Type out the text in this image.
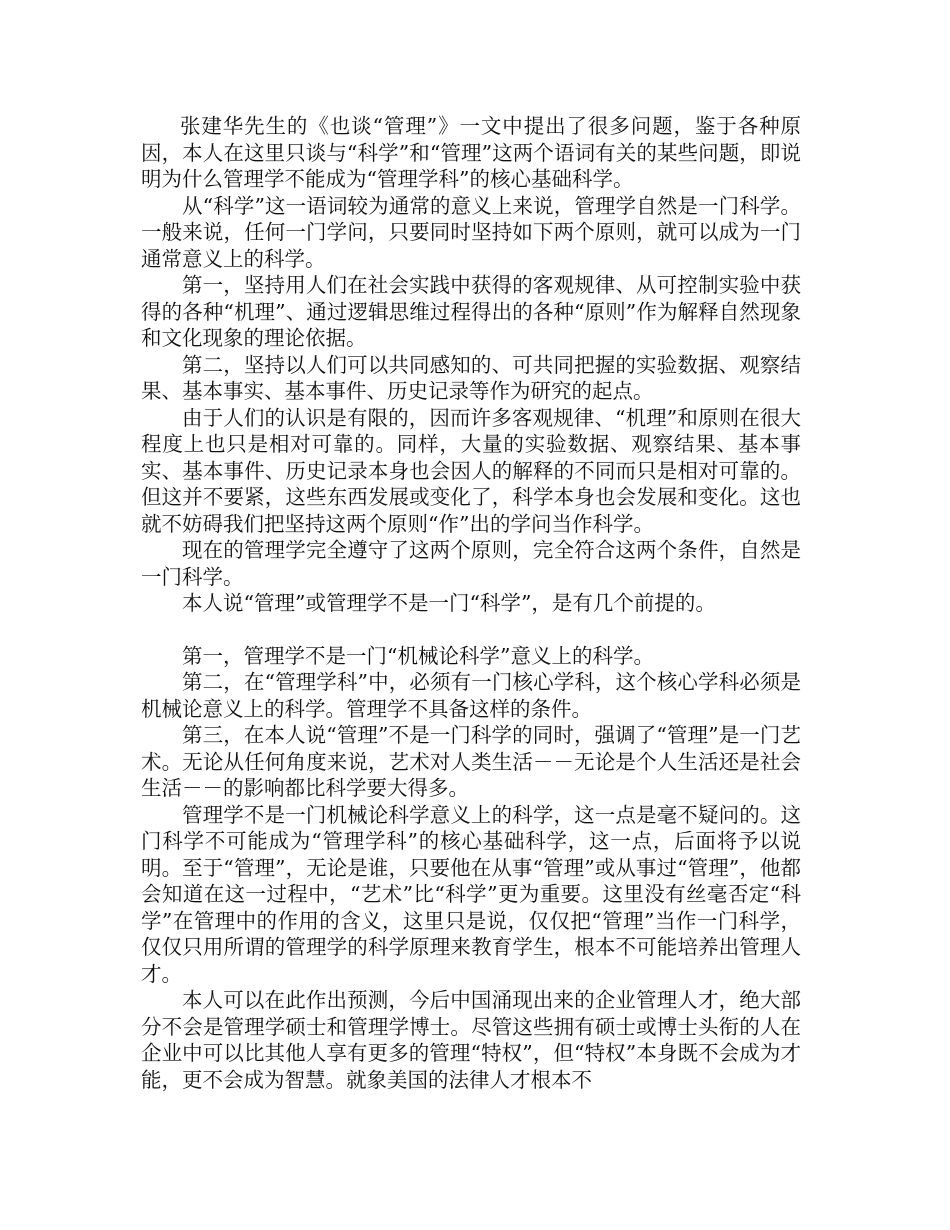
张建华先生的《也谈“管理”》一文中提出了很多问题，鉴于各种原因，本人在这里只谈与“科学”和“管理”这两个语词有关的某些问题，即说明为什么管理学不能成为“管理学科”的核心基础科学。

从“科学”这一语词较为通常的意义上来说，管理学自然是一门科学。一般来说，任何一门学问，只要同时坚持如下两个原则，就可以成为一门通常意义上的科学。

第一，坚持用人们在社会实践中获得的客观规律、从可控制实验中获得的各种“机理”、通过逻辑思维过程得出的各种“原则”作为解释自然现象和文化现象的理论依据。

第二，坚持以人们可以共同感知的、可共同把握的实验数据、观察结果、基本事实、基本事件、历史记录等作为研究的起点。

由于人们的认识是有限的，因而许多客观规律、“机理”和原则在很大程度上也只是相对可靠的。同样，大量的实验数据、观察结果、基本事实、基本事件、历史记录本身也会因人的解释的不同而只是相对可靠的。但这并不要紧，这些东西发展或变化了，科学本身也会发展和变化。这也就不妨碍我们把坚持这两个原则“作”出的学问当作科学。

现在的管理学完全遵守了这两个原则，完全符合这两个条件，自然是一门科学。

本人说“管理”或管理学不是一门“科学”，是有几个前提的。

第一，管理学不是一门“机械论科学”意义上的科学。

第二，在“管理学科”中，必须有一门核心学科，这个核心学科必须是机械论意义上的科学。管理学不具备这样的条件。

第三，在本人说“管理”不是一门科学的同时，强调了“管理”是一门艺术。无论从任何角度来说，艺术对人类生活－－无论是个人生活还是社会生活－－的影响都比科学要大得多。

管理学不是一门机械论科学意义上的科学，这一点是毫不疑问的。这门科学不可能成为“管理学科”的核心基础科学，这一点，后面将予以说明。至于“管理”，无论是谁，只要他在从事“管理”或从事过“管理”，他都会知道在这一过程中，“艺术”比“科学”更为重要。这里没有丝毫否定“科学”在管理中的作用的含义，这里只是说，仅仅把“管理”当作一门科学，仅仅只用所谓的管理学的科学原理来教育学生，根本不可能培养出管理人才。

本人可以在此作出预测，今后中国涌现出来的企业管理人才，绝大部分不会是管理学硕士和管理学博士。尽管这些拥有硕士或博士头衔的人在企业中可以比其他人享有更多的管理“特权”，但“特权”本身既不会成为才能，更不会成为智慧。就象美国的法律人才根本不
